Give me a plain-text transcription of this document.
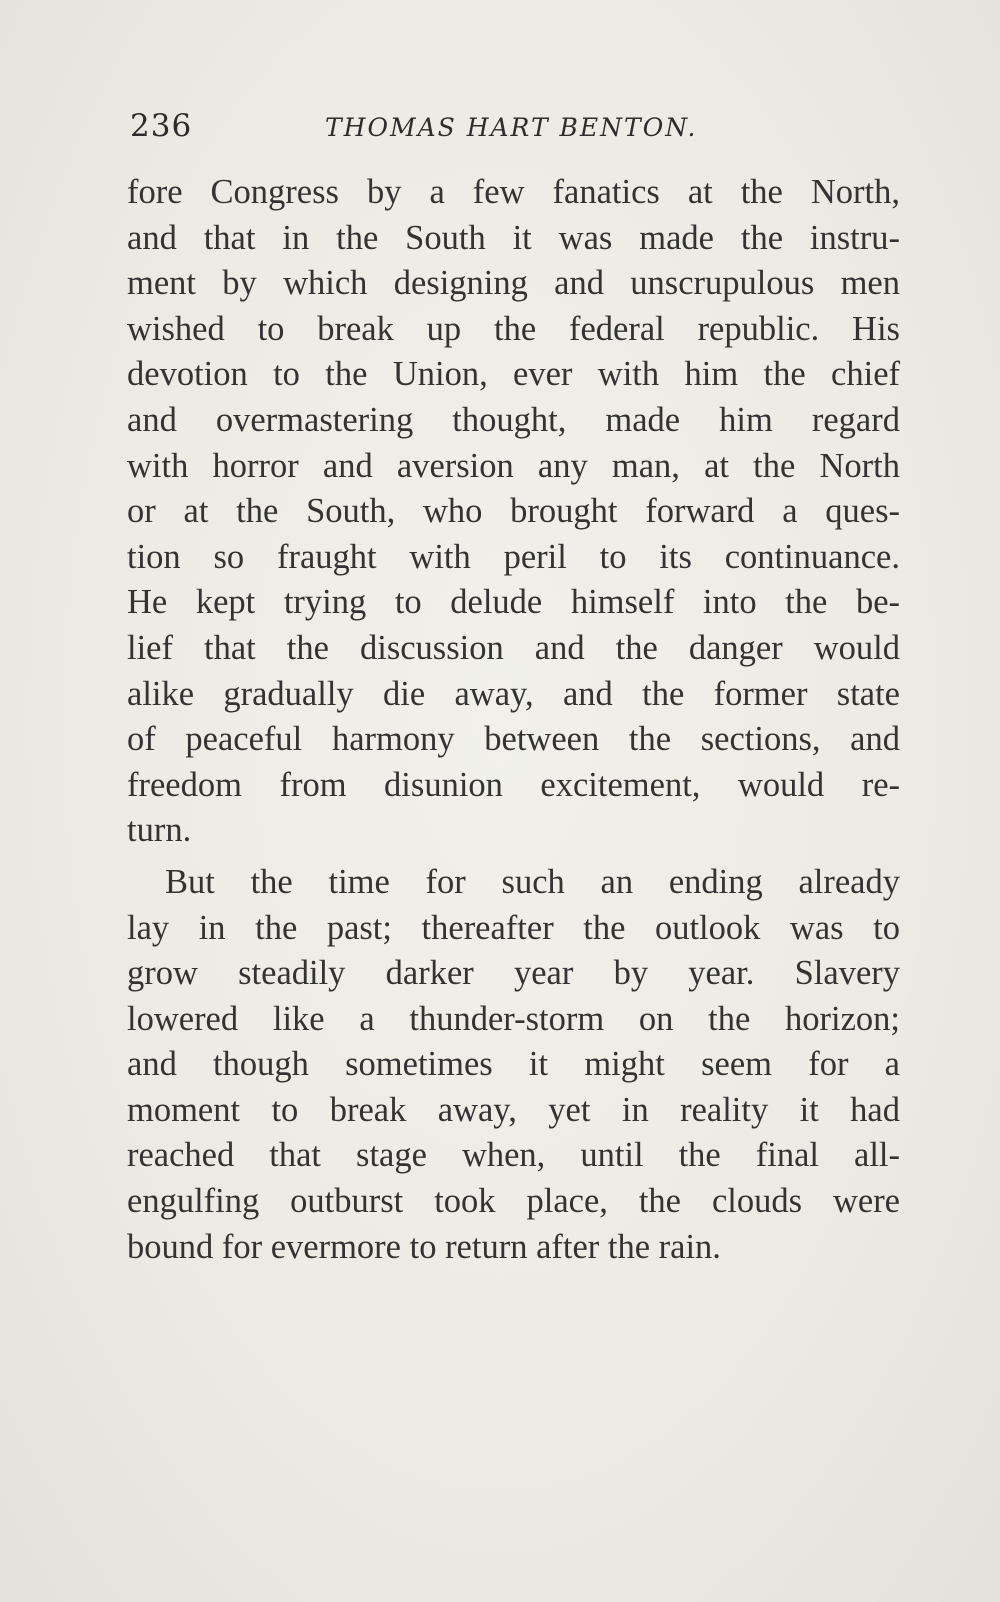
236	THOMAS HART BENTON.
fore Congress by a few fanatics at the North,
and that in the South it was made the instru-
ment by which designing and unscrupulous men
wished to break up the federal republic. His
devotion to the Union, ever with him the chief
and overmastering thought, made him regard
with horror and aversion any man, at the North
or at the South, who brought forward a ques-
tion so fraught with peril to its continuance.
He kept trying to delude himself into the be-
lief that the discussion and the danger would
alike gradually die away, and the former state
of peaceful harmony between the sections, and
freedom from disunion excitement, would re-
turn.
But the time for such an ending already
lay in the past; thereafter the outlook was to
grow steadily darker year by year. Slavery
lowered like a thunder-storm on the horizon;
and though sometimes it might seem for a
moment to break away, yet in reality it had
reached that stage when, until the final all-
engulfing outburst took place, the clouds were
bound for evermore to return after the rain.
